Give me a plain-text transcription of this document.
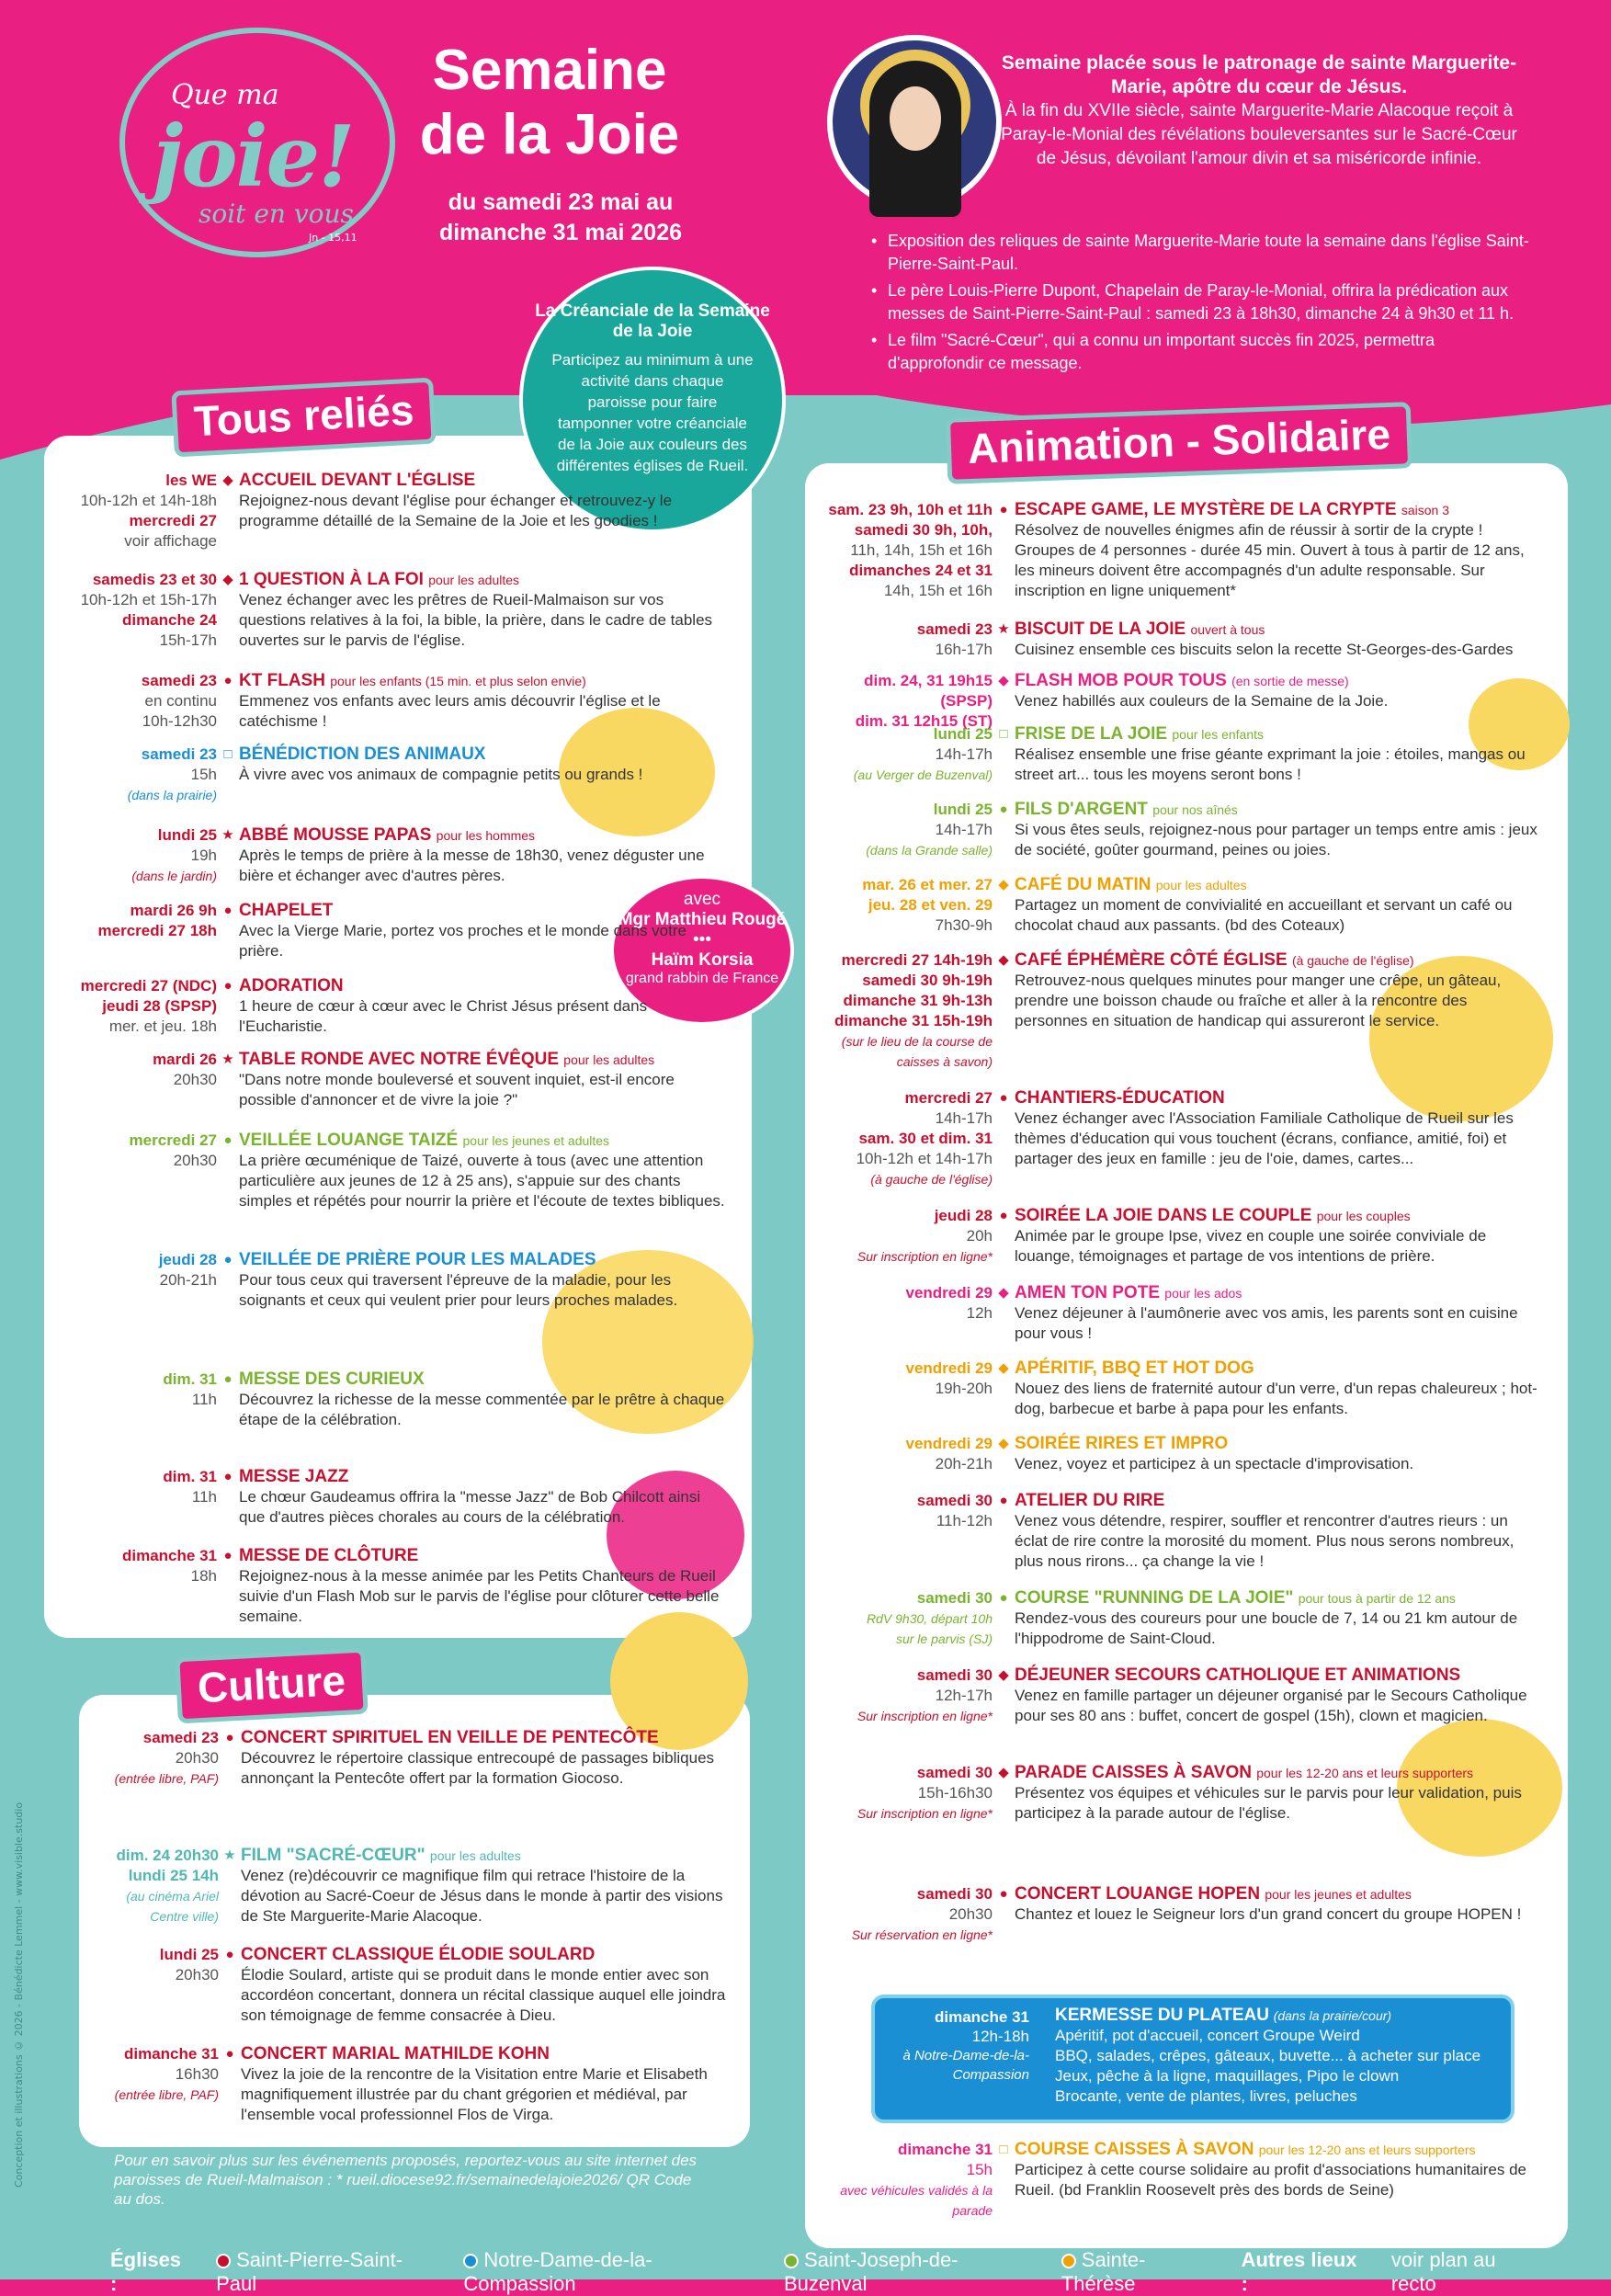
Que ma
joie!
soit en vous
Jn - 15,11
Semaine de la Joie
du samedi 23 mai au dimanche 31 mai 2026
Semaine placée sous le patronage de sainte Marguerite-Marie, apôtre du cœur de Jésus.
À la fin du XVIIe siècle, sainte Marguerite-Marie Alacoque reçoit à Paray-le-Monial des révélations bouleversantes sur le Sacré-Cœur de Jésus, dévoilant l'amour divin et sa miséricorde infinie.
• Exposition des reliques de sainte Marguerite-Marie toute la semaine dans l'église Saint-Pierre-Saint-Paul.
• Le père Louis-Pierre Dupont, Chapelain de Paray-le-Monial, offrira la prédication aux messes de Saint-Pierre-Saint-Paul : samedi 23 à 18h30, dimanche 24 à 9h30 et 11 h.
• Le film "Sacré-Cœur", qui a connu un important succès fin 2025, permettra d'approfondir ce message.
Tous reliés
Culture
Animation - Solidaire
La Créanciale de la Semaine de la Joie
Participez au minimum à une activité dans chaque paroisse pour faire tamponner votre créanciale de la Joie aux couleurs des différentes églises de Rueil.
avec
Mgr Matthieu Rougé
•••
Haïm Korsia
grand rabbin de France
les WE
10h-12h et 14h-18h
mercredi 27
voir affichage
◆ ACCUEIL DEVANT L'ÉGLISE
Rejoignez-nous devant l'église pour échanger et retrouvez-y le programme détaillé de la Semaine de la Joie et les goodies !
samedis 23 et 30
10h-12h et 15h-17h
dimanche 24
15h-17h
◆ 1 QUESTION À LA FOI pour les adultes
Venez échanger avec les prêtres de Rueil-Malmaison sur vos questions relatives à la foi, la bible, la prière, dans le cadre de tables ouvertes sur le parvis de l'église.
samedi 23
en continu
10h-12h30
● KT FLASH pour les enfants (15 min. et plus selon envie)
Emmenez vos enfants avec leurs amis découvrir l'église et le catéchisme !
samedi 23
15h
(dans la prairie)
□ BÉNÉDICTION DES ANIMAUX
À vivre avec vos animaux de compagnie petits ou grands !
lundi 25
19h
(dans le jardin)
★ ABBÉ MOUSSE PAPAS pour les hommes
Après le temps de prière à la messe de 18h30, venez déguster une bière et échanger avec d'autres pères.
mardi 26 9h
mercredi 27 18h
● CHAPELET
Avec la Vierge Marie, portez vos proches et le monde dans votre prière.
mercredi 27 (NDC)
jeudi 28 (SPSP)
mer. et jeu. 18h
● ADORATION
1 heure de cœur à cœur avec le Christ Jésus présent dans l'Eucharistie.
mardi 26
20h30
★ TABLE RONDE AVEC NOTRE ÉVÊQUE pour les adultes
"Dans notre monde bouleversé et souvent inquiet, est-il encore possible d'annoncer et de vivre la joie ?"
mercredi 27
20h30
● VEILLÉE LOUANGE TAIZÉ pour les jeunes et adultes
La prière œcuménique de Taizé, ouverte à tous (avec une attention particulière aux jeunes de 12 à 25 ans), s'appuie sur des chants simples et répétés pour nourrir la prière et l'écoute de textes bibliques.
jeudi 28
20h-21h
● VEILLÉE DE PRIÈRE POUR LES MALADES
Pour tous ceux qui traversent l'épreuve de la maladie, pour les soignants et ceux qui veulent prier pour leurs proches malades.
dim. 31
11h
● MESSE DES CURIEUX
Découvrez la richesse de la messe commentée par le prêtre à chaque étape de la célébration.
dim. 31
11h
● MESSE JAZZ
Le chœur Gaudeamus offrira la "messe Jazz" de Bob Chilcott ainsi que d'autres pièces chorales au cours de la célébration.
dimanche 31
18h
● MESSE DE CLÔTURE
Rejoignez-nous à la messe animée par les Petits Chanteurs de Rueil suivie d'un Flash Mob sur le parvis de l'église pour clôturer cette belle semaine.
samedi 23
20h30
(entrée libre, PAF)
● CONCERT SPIRITUEL EN VEILLE DE PENTECÔTE
Découvrez le répertoire classique entrecoupé de passages bibliques annonçant la Pentecôte offert par la formation Giocoso.
dim. 24 20h30
lundi 25 14h
(au cinéma Ariel Centre ville)
★ FILM "SACRÉ-CŒUR" pour les adultes
Venez (re)découvrir ce magnifique film qui retrace l'histoire de la dévotion au Sacré-Coeur de Jésus dans le monde à partir des visions de Ste Marguerite-Marie Alacoque.
lundi 25
20h30
● CONCERT CLASSIQUE ÉLODIE SOULARD
Élodie Soulard, artiste qui se produit dans le monde entier avec son accordéon concertant, donnera un récital classique auquel elle joindra son témoignage de femme consacrée à Dieu.
dimanche 31
16h30
(entrée libre, PAF)
● CONCERT MARIAL MATHILDE KOHN
Vivez la joie de la rencontre de la Visitation entre Marie et Elisabeth magnifiquement illustrée par du chant grégorien et médiéval, par l'ensemble vocal professionnel Flos de Virga.
sam. 23 9h, 10h et 11h
samedi 30 9h, 10h,
11h, 14h, 15h et 16h
dimanches 24 et 31
14h, 15h et 16h
● ESCAPE GAME, LE MYSTÈRE DE LA CRYPTE saison 3
Résolvez de nouvelles énigmes afin de réussir à sortir de la crypte ! Groupes de 4 personnes - durée 45 min. Ouvert à tous à partir de 12 ans, les mineurs doivent être accompagnés d'un adulte responsable. Sur inscription en ligne uniquement*
samedi 23
16h-17h
★ BISCUIT DE LA JOIE ouvert à tous
Cuisinez ensemble ces biscuits selon la recette St-Georges-des-Gardes
dim. 24, 31 19h15 (SPSP)
dim. 31 12h15 (ST)
◆ FLASH MOB POUR TOUS (en sortie de messe)
Venez habillés aux couleurs de la Semaine de la Joie.
lundi 25
14h-17h
(au Verger de Buzenval)
□ FRISE DE LA JOIE pour les enfants
Réalisez ensemble une frise géante exprimant la joie : étoiles, mangas ou street art... tous les moyens seront bons !
lundi 25
14h-17h
(dans la Grande salle)
● FILS D'ARGENT pour nos aînés
Si vous êtes seuls, rejoignez-nous pour partager un temps entre amis : jeux de société, goûter gourmand, peines ou joies.
mar. 26 et mer. 27
jeu. 28 et ven. 29
7h30-9h
◆ CAFÉ DU MATIN pour les adultes
Partagez un moment de convivialité en accueillant et servant un café ou chocolat chaud aux passants. (bd des Coteaux)
mercredi 27 14h-19h
samedi 30 9h-19h
dimanche 31 9h-13h
dimanche 31 15h-19h
(sur le lieu de la course de caisses à savon)
◆ CAFÉ ÉPHÉMÈRE CÔTÉ ÉGLISE (à gauche de l'église)
Retrouvez-nous quelques minutes pour manger une crêpe, un gâteau, prendre une boisson chaude ou fraîche et aller à la rencontre des personnes en situation de handicap qui assureront le service.
mercredi 27
14h-17h
sam. 30 et dim. 31
10h-12h et 14h-17h
(à gauche de l'église)
● CHANTIERS-ÉDUCATION
Venez échanger avec l'Association Familiale Catholique de Rueil sur les thèmes d'éducation qui vous touchent (écrans, confiance, amitié, foi) et partager des jeux en famille : jeu de l'oie, dames, cartes...
jeudi 28
20h
Sur inscription en ligne*
● SOIRÉE LA JOIE DANS LE COUPLE pour les couples
Animée par le groupe Ipse, vivez en couple une soirée conviviale de louange, témoignages et partage de vos intentions de prière.
vendredi 29
12h
◆ AMEN TON POTE pour les ados
Venez déjeuner à l'aumônerie avec vos amis, les parents sont en cuisine pour vous !
vendredi 29
19h-20h
◆ APÉRITIF, BBQ ET HOT DOG
Nouez des liens de fraternité autour d'un verre, d'un repas chaleureux ; hot-dog, barbecue et barbe à papa pour les enfants.
vendredi 29
20h-21h
◆ SOIRÉE RIRES ET IMPRO
Venez, voyez et participez à un spectacle d'improvisation.
samedi 30
11h-12h
● ATELIER DU RIRE
Venez vous détendre, respirer, souffler et rencontrer d'autres rieurs : un éclat de rire contre la morosité du moment. Plus nous serons nombreux, plus nous rirons... ça change la vie !
samedi 30
RdV 9h30, départ 10h
sur le parvis (SJ)
● COURSE "RUNNING DE LA JOIE" pour tous à partir de 12 ans
Rendez-vous des coureurs pour une boucle de 7, 14 ou 21 km autour de l'hippodrome de Saint-Cloud.
samedi 30
12h-17h
Sur inscription en ligne*
◆ DÉJEUNER SECOURS CATHOLIQUE ET ANIMATIONS
Venez en famille partager un déjeuner organisé par le Secours Catholique pour ses 80 ans : buffet, concert de gospel (15h), clown et magicien.
samedi 30
15h-16h30
Sur inscription en ligne*
◆ PARADE CAISSES À SAVON pour les 12-20 ans et leurs supporters
Présentez vos équipes et véhicules sur le parvis pour leur validation, puis participez à la parade autour de l'église.
samedi 30
20h30
Sur réservation en ligne*
● CONCERT LOUANGE HOPEN pour les jeunes et adultes
Chantez et louez le Seigneur lors d'un grand concert du groupe HOPEN !
dimanche 31
12h-18h
à Notre-Dame-de-la-Compassion
KERMESSE DU PLATEAU (dans la prairie/cour)
Apéritif, pot d'accueil, concert Groupe Weird
BBQ, salades, crêpes, gâteaux, buvette... à acheter sur place
Jeux, pêche à la ligne, maquillages, Pipo le clown
Brocante, vente de plantes, livres, peluches
dimanche 31
15h
avec véhicules validés à la parade
□ COURSE CAISSES À SAVON pour les 12-20 ans et leurs supporters
Participez à cette course solidaire au profit d'associations humanitaires de Rueil. (bd Franklin Roosevelt près des bords de Seine)
Pour en savoir plus sur les événements proposés, reportez-vous au site internet des paroisses de Rueil-Malmaison : * rueil.diocese92.fr/semainedelajoie2026/ QR Code au dos.
Conception et illustrations © 2026 - Bénédicte Lemmel - www.visible.studio
Églises :
Saint-Pierre-Saint-Paul
Notre-Dame-de-la-Compassion
Saint-Joseph-de-Buzenval
Sainte-Thérèse
Autres lieux :
voir plan au recto
